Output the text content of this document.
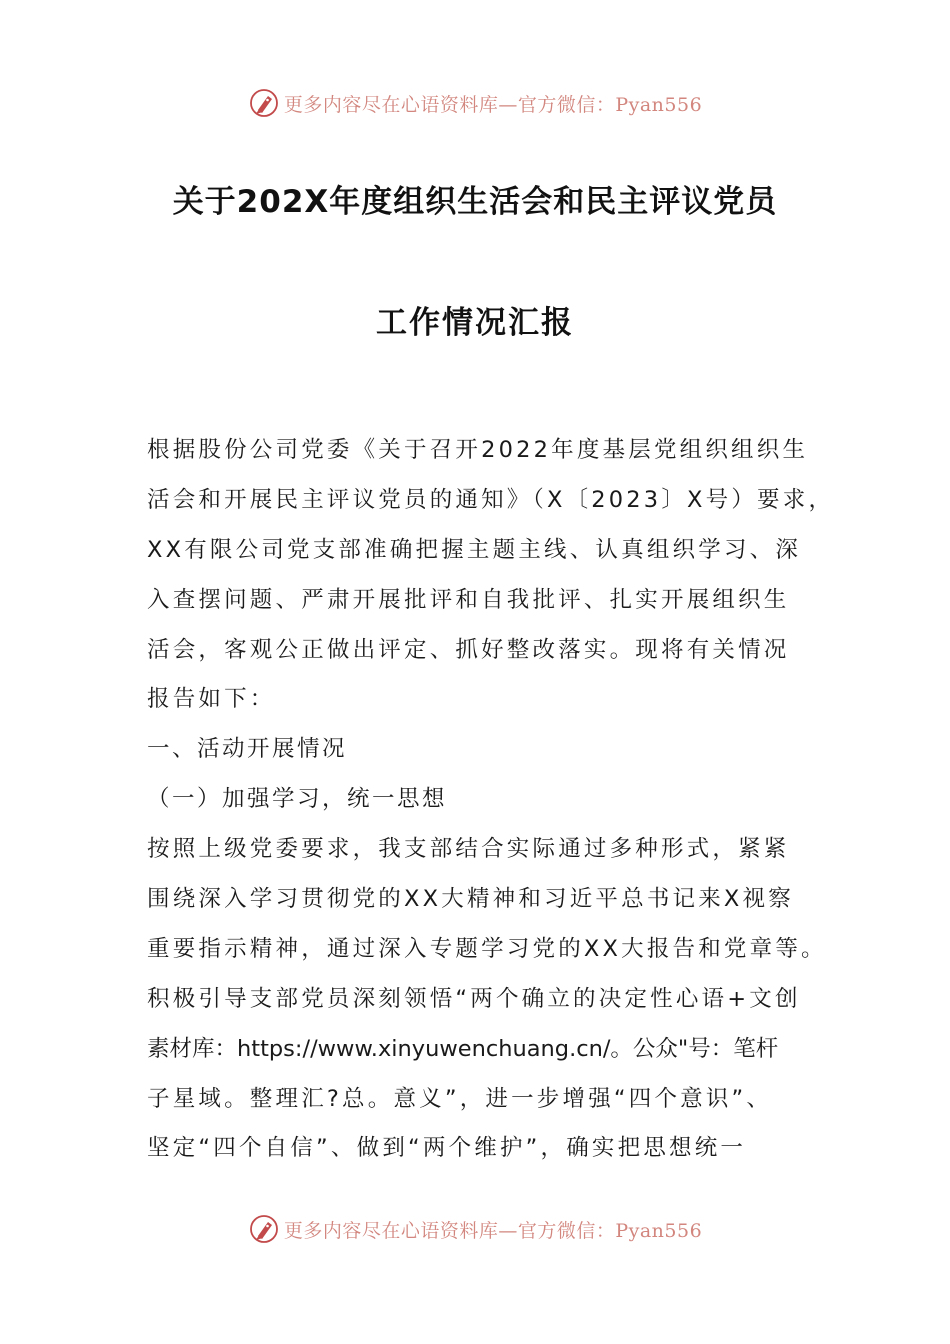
更多内容尽在心语资料库—官方微信：Pyan556
关于202X年度组织生活会和民主评议党员
工作情况汇报
根据股份公司党委《关于召开2022年度基层党组织组织生
活会和开展民主评议党员的通知》（X〔2023〕X号）要求，
XX有限公司党支部准确把握主题主线、认真组织学习、深
入查摆问题、严肃开展批评和自我批评、扎实开展组织生
活会，客观公正做出评定、抓好整改落实。现将有关情况
报告如下：
一、活动开展情况
（一）加强学习，统一思想
按照上级党委要求，我支部结合实际通过多种形式，紧紧
围绕深入学习贯彻党的XX大精神和习近平总书记来X视察
重要指示精神，通过深入专题学习党的XX大报告和党章等。
积极引导支部党员深刻领悟“两个确立的决定性心语+文创
素材库：https://www.xinyuwenchuang.cn/。公众"号：笔杆
子星域。整理汇?总。意义”，进一步增强“四个意识”、
坚定“四个自信”、做到“两个维护”，确实把思想统一
更多内容尽在心语资料库—官方微信：Pyan556
